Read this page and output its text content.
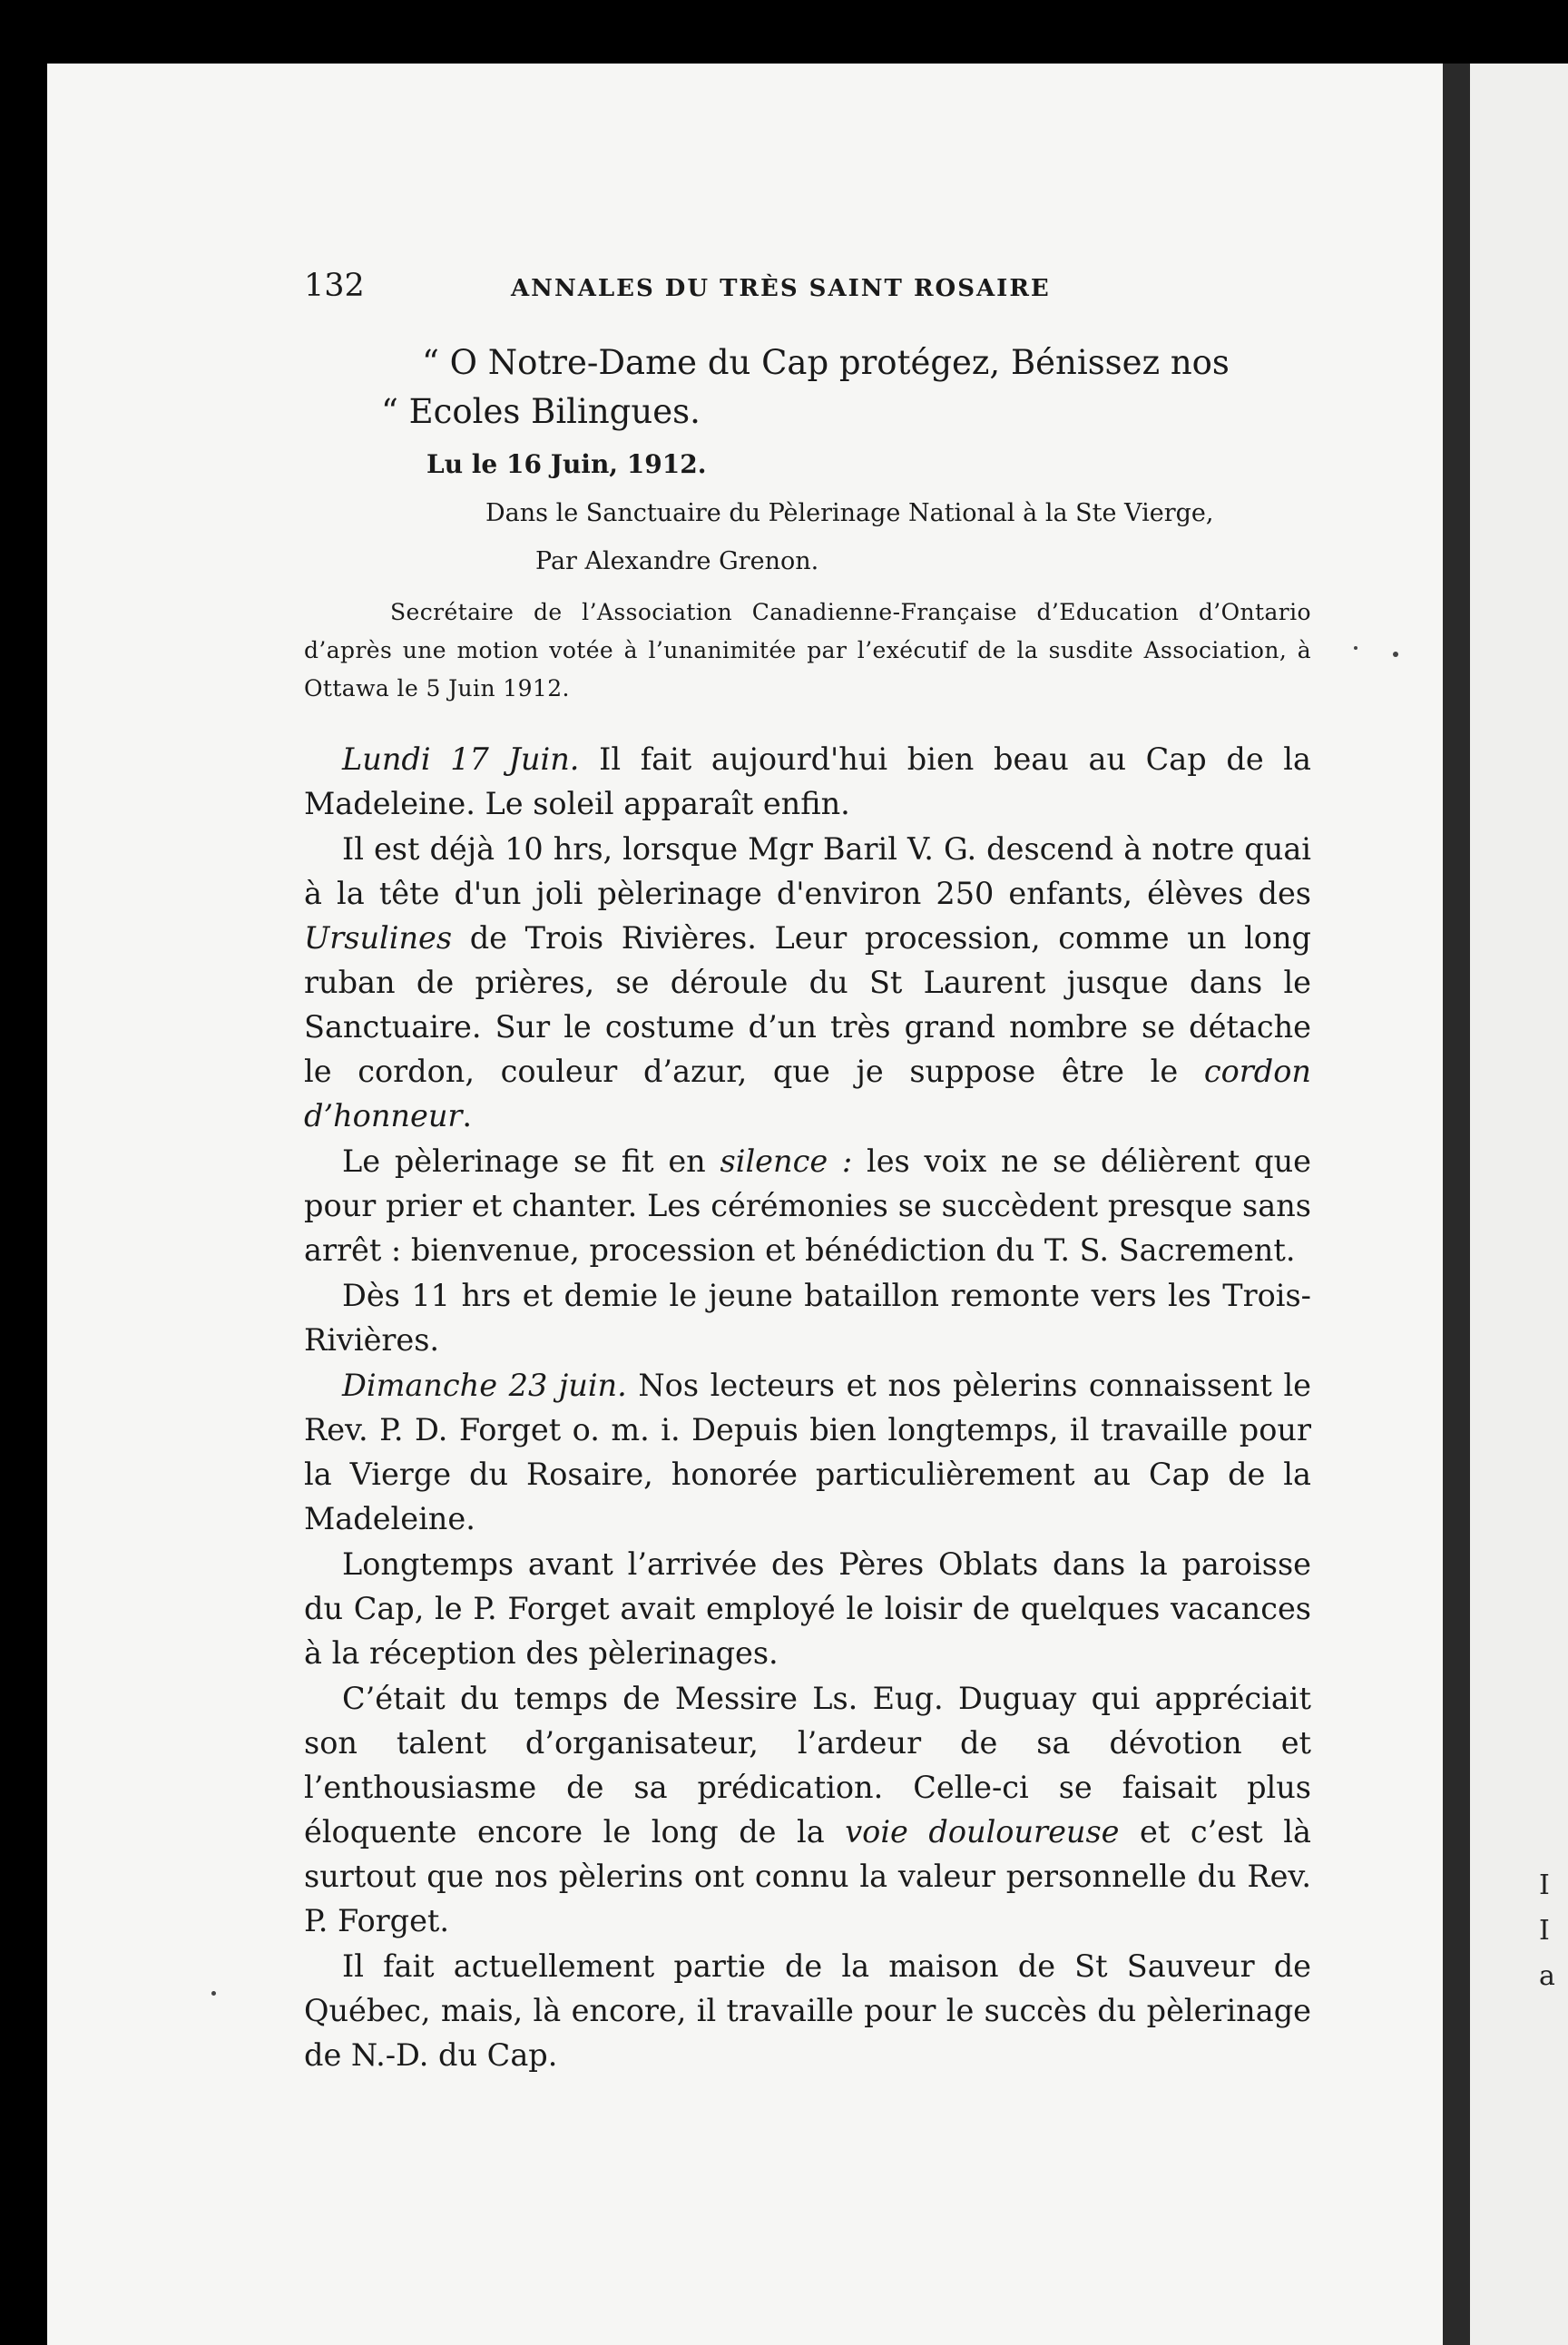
I
I
a
132	ANNALES DU TRÈS SAINT ROSAIRE
“ O Notre-Dame du Cap protégez, Bénissez nos

“ Ecoles Bilingues.
Lu le 16 Juin, 1912.
Dans le Sanctuaire du Pèlerinage National à la Ste Vierge,
Par Alexandre Grenon.
Secrétaire de l’Association Canadienne-Française d’Education d’Ontario d’après une motion votée à l’unanimitée par l’exécutif de la susdite Association, à Ottawa le 5 Juin 1912.

Lundi 17 Juin. Il fait aujourd'hui bien beau au Cap de la Madeleine. Le soleil apparaît enfin.

Il est déjà 10 hrs, lorsque Mgr Baril V. G. descend à notre quai à la tête d'un joli pèlerinage d'environ 250 enfants, élèves des Ursulines de Trois Rivières. Leur procession, comme un long ruban de prières, se déroule du St Laurent jusque dans le Sanctuaire. Sur le costume d’un très grand nombre se détache le cordon, couleur d’azur, que je suppose être le cordon d’honneur.

Le pèlerinage se fit en silence : les voix ne se délièrent que pour prier et chanter. Les cérémonies se succèdent presque sans arrêt : bienvenue, procession et bénédiction du T. S. Sacrement.

Dès 11 hrs et demie le jeune bataillon remonte vers les Trois-Rivières.

Dimanche 23 juin. Nos lecteurs et nos pèlerins connaissent le Rev. P. D. Forget o. m. i. Depuis bien longtemps, il travaille pour la Vierge du Rosaire, honorée particulièrement au Cap de la Madeleine.

Longtemps avant l’arrivée des Pères Oblats dans la paroisse du Cap, le P. Forget avait employé le loisir de quelques vacances à la réception des pèlerinages.

C’était du temps de Messire Ls. Eug. Duguay qui appréciait son talent d’organisateur, l’ardeur de sa dévotion et l’enthousiasme de sa prédication. Celle-ci se faisait plus éloquente encore le long de la voie douloureuse et c’est là surtout que nos pèlerins ont connu la valeur personnelle du Rev. P. Forget.

Il fait actuellement partie de la maison de St Sauveur de Québec, mais, là encore, il travaille pour le succès du pèlerinage de N.-D. du Cap.
